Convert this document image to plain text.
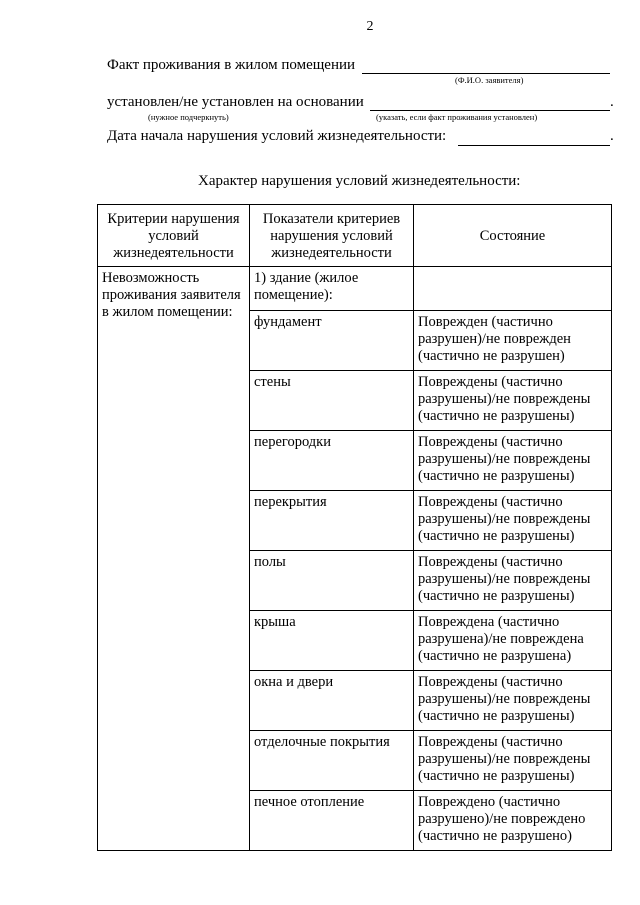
2
Факт проживания в жилом помещении
(Ф.И.О. заявителя)
установлен/не установлен на основании	.
(нужное подчеркнуть)	(указать, если факт проживания установлен)
Дата начала нарушения условий жизнедеятельности:	.
Характер нарушения условий жизнедеятельности:
Критерии нарушения условий жизнедеятельности	Показатели критериев нарушения условий жизнедеятельности	Состояние
Невозможность проживания заявителя в жилом помещении:	1) здание (жилое помещение):	
	фундамент	Поврежден (частично разрушен)/не поврежден (частично не разрушен)
	стены	Повреждены (частично разрушены)/не повреждены (частично не разрушены)
	перегородки	Повреждены (частично разрушены)/не повреждены (частично не разрушены)
	перекрытия	Повреждены (частично разрушены)/не повреждены (частично не разрушены)
	полы	Повреждены (частично разрушены)/не повреждены (частично не разрушены)
	крыша	Повреждена (частично разрушена)/не повреждена (частично не разрушена)
	окна и двери	Повреждены (частично разрушены)/не повреждены (частично не разрушены)
	отделочные покрытия	Повреждены (частично разрушены)/не повреждены (частично не разрушены)
	печное отопление	Повреждено (частично разрушено)/не повреждено (частично не разрушено)
